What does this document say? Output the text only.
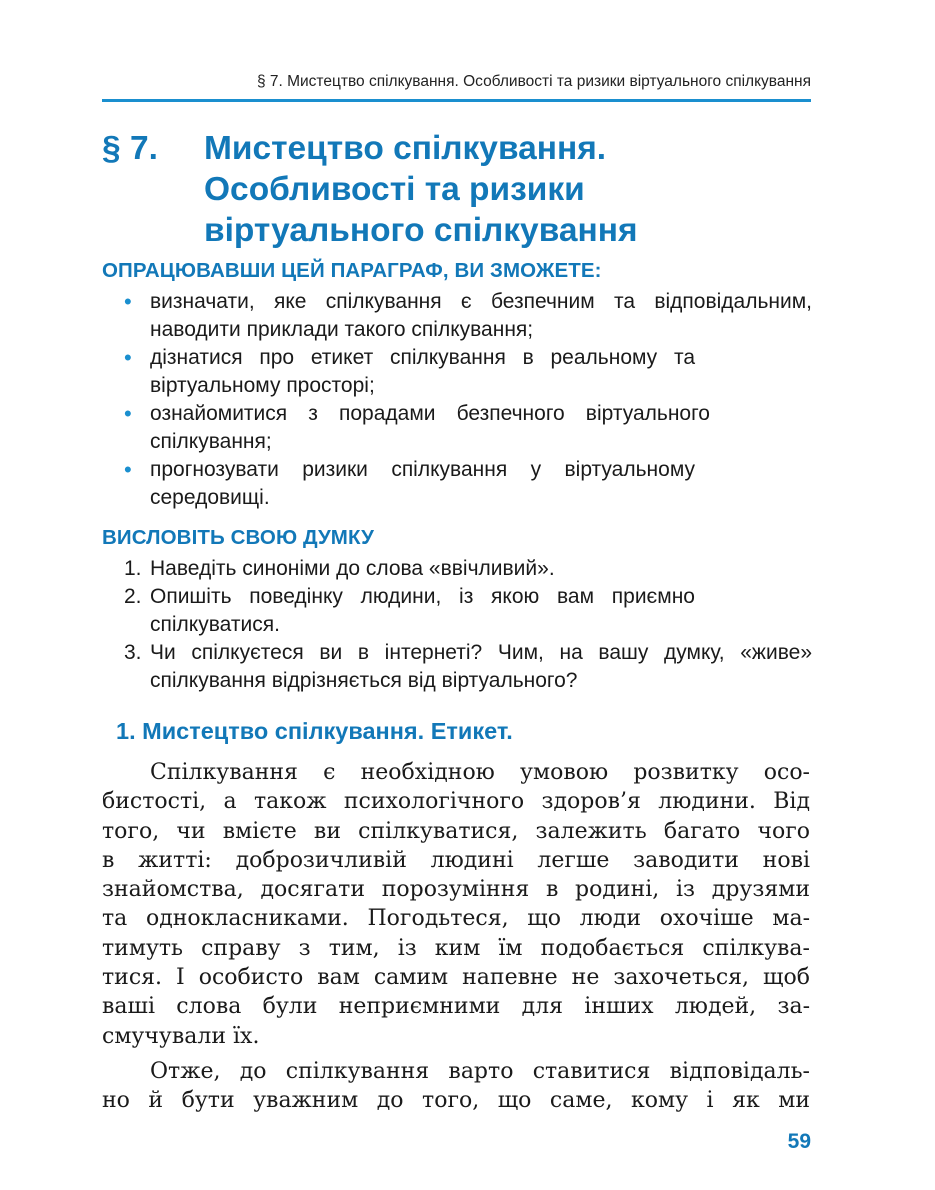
§ 7. Мистецтво спілкування. Особливості та ризики віртуального спілкування
§ 7. Мистецтво спілкування.
Особливості та ризики
віртуального спілкування
ОПРАЦЮВАВШИ ЦЕЙ ПАРАГРАФ, ВИ ЗМОЖЕТЕ:
• визначати, яке спілкування є безпечним та відповідальним, наводити приклади такого спілкування;
• дізнатися про етикет спілкування в реальному та віртуальному просторі;
• ознайомитися з порадами безпечного віртуального спілкування;
• прогнозувати ризики спілкування у віртуальному середовищі.
ВИСЛОВІТЬ СВОЮ ДУМКУ
1. Наведіть синоніми до слова «ввічливий».
2. Опишіть поведінку людини, із якою вам приємно спілкуватися.
3. Чи спілкуєтеся ви в інтернеті? Чим, на вашу думку, «живе» спілкування відрізняється від віртуального?
1. Мистецтво спілкування. Етикет.
Спілкування є необхідною умовою розвитку осо-
бистості, а також психологічного здоров’я людини. Від
того, чи вмієте ви спілкуватися, залежить багато чого
в житті: доброзичливій людині легше заводити нові
знайомства, досягати порозуміння в родині, із друзями
та однокласниками. Погодьтеся, що люди охочіше ма-
тимуть справу з тим, із ким їм подобається спілкува-
тися. І особисто вам самим напевне не захочеться, щоб
ваші слова були неприємними для інших людей, за-
смучували їх.
Отже, до спілкування варто ставитися відповідаль-
но й бути уважним до того, що саме, кому і як ми
59
